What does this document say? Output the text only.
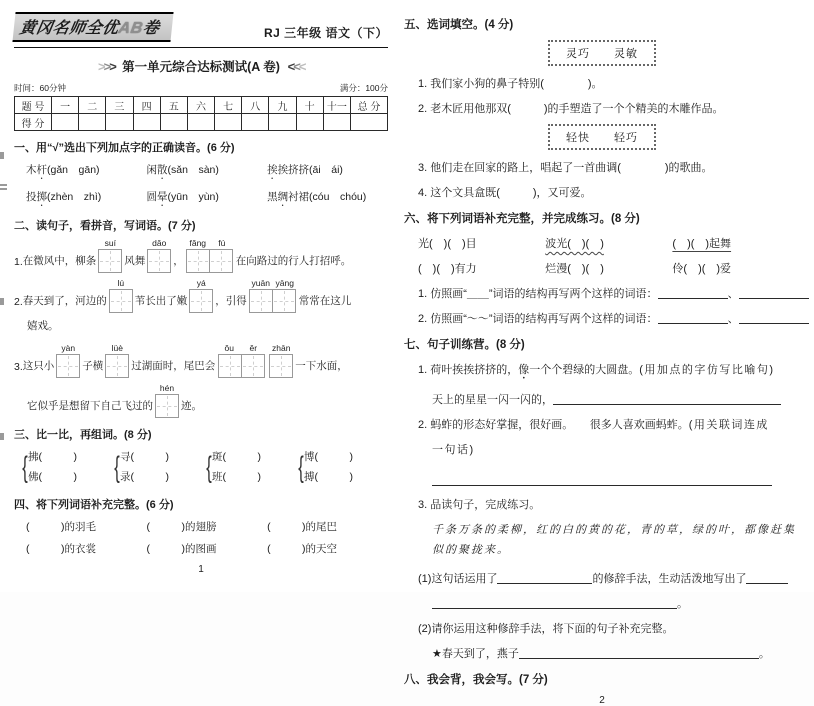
黄冈名师全优AB卷	RJ 三年级 语文（下）
> > > 第一单元综合达标测试(A 卷) < < <
时间：60分钟	满分：100分
题 号	一	二	三	四	五	六	七	八	九	十	十一	总 分
得 分												
一、用“√”选出下列加点字的正确读音。(6 分)
木杆(gǎn　gān)	闲散(sǎn　sàn)	挨挨挤挤(āi　ái)
投掷(zhèn　zhì)	圆晕(yūn　yùn)	黑绸衬裙(cóu　chóu)
二、读句子，看拼音，写词语。(7 分)
1. 在微风中，柳条
suí
风舞
dǎo
，
fǎng	fú
在向路过的行人打招呼。
2. 春天到了，河边的
lú
苇长出了嫩
yá
，引得
yuān yāng
常常在这儿
嬉戏。
3. 这只小
yàn
子横
lüè
过湖面时，尾巴会
ǒu	ěr	zhān
一下水面，
它似乎是想留下自己飞过的
hén
迹。
三、比一比，再组词。(8 分)
{
拂(　　　)
佛(　　　)
{
寻(　　　)
录(　　　)
{
斑(　　　)
班(　　　)
{
博(　　　)
搏(　　　)
四、将下列词语补充完整。(6 分)
(　　　)的羽毛	(　　　)的翅膀	(　　　)的尾巴
(　　　)的衣裳	(　　　)的图画	(　　　)的天空
1
五、选词填空。(4 分)
灵巧　　灵敏
1. 我们家小狗的鼻子特别(　　　　)。
2. 老木匠用他那双(　　　)的手塑造了一个个精美的木雕作品。
轻快　　轻巧
3. 他们走在回家的路上，唱起了一首曲调(　　　　)的歌曲。
4. 这个文具盒既(　　　)，又可爱。
六、将下列词语补充完整，并完成练习。(8 分)
光(　)(　)目	波光(　)(　)	(　)(　)起舞
(　)(　)有力	烂漫(　)(　)	伶(　)(　)爱
1. 仿照画“＿＿”词语的结构再写两个这样的词语：	、
2. 仿照画“～～”词语的结构再写两个这样的词语：	、
七、句子训练营。(8 分)
1. 荷叶挨挨挤挤的，像一个个碧绿的大圆盘。(用加点的字仿写比喻句)
天上的星星一闪一闪的，
2. 蚂蚱的形态好掌握，很好画。　　很多人喜欢画蚂蚱。(用关联词连成
一句话)
3. 品读句子，完成练习。
千条万条的柔柳，红的白的黄的花，青的草，绿的叶，都像赶集似的聚拢来。
(1)这句话运用了	的修辞手法，生动活泼地写出了
。
(2)请你运用这种修辞手法，将下面的句子补充完整。
★春天到了，燕子	。
八、我会背，我会写。(7 分)
2
